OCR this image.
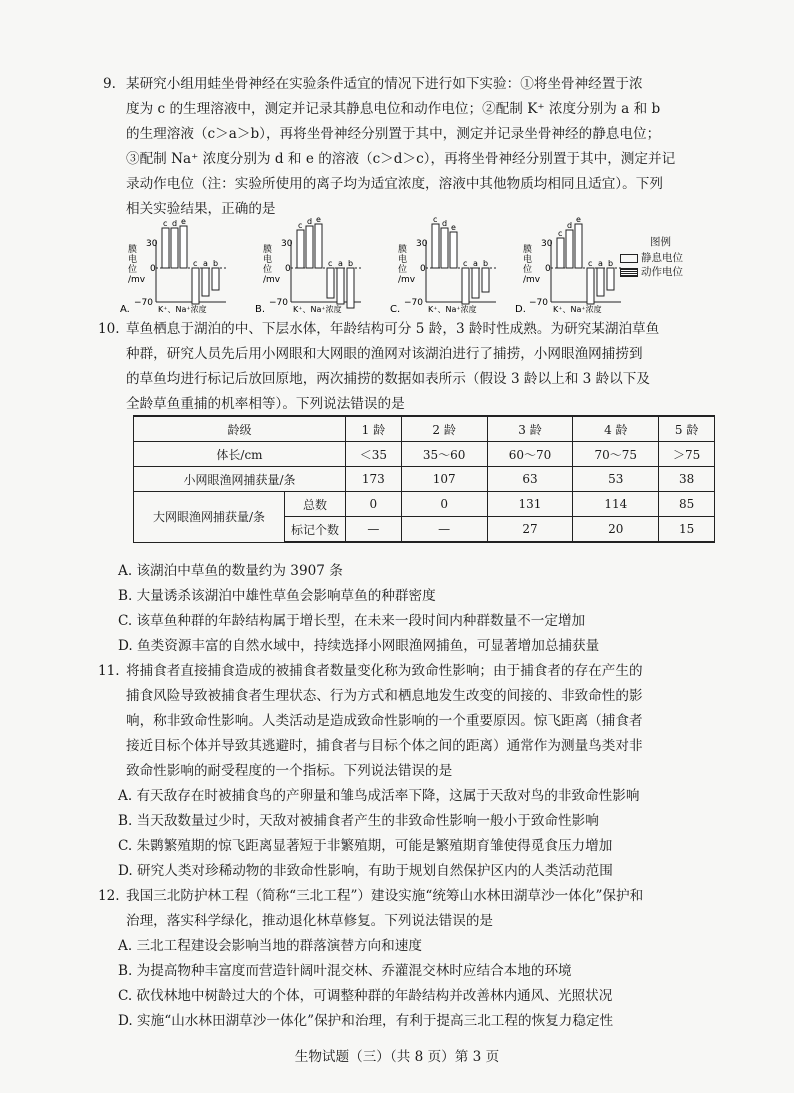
9. 某研究小组用蛙坐骨神经在实验条件适宜的情况下进行如下实验：①将坐骨神经置于浓
度为 c 的生理溶液中，测定并记录其静息电位和动作电位；②配制 K⁺ 浓度分别为 a 和 b
的生理溶液（c＞a＞b），再将坐骨神经分别置于其中，测定并记录坐骨神经的静息电位；
③配制 Na⁺ 浓度分别为 d 和 e 的溶液（c＞d＞c），再将坐骨神经分别置于其中，测定并记
录动作电位（注：实验所使用的离子均为适宜浓度，溶液中其他物质均相同且适宜）。下列
相关实验结果，正确的是
30
0
−70
膜
电
位
/mv
c d e
c a b
A.	K⁺、Na⁺浓度
30
0
−70
膜
电
位
/mv
c d e
c a b
B.	K⁺、Na⁺浓度
30
0
−70
膜
电
位
/mv
c d e
c a b
C.	K⁺、Na⁺浓度
30
0
−70
膜
电
位
/mv
c
d
e
c a b
D.	K⁺、Na⁺浓度
图例
静息电位
动作电位
10. 草鱼栖息于湖泊的中、下层水体，年龄结构可分 5 龄，3 龄时性成熟。为研究某湖泊草鱼
种群，研究人员先后用小网眼和大网眼的渔网对该湖泊进行了捕捞，小网眼渔网捕捞到
的草鱼均进行标记后放回原地，两次捕捞的数据如表所示（假设 3 龄以上和 3 龄以下及
全龄草鱼重捕的机率相等）。下列说法错误的是
龄级		1 龄	2 龄	3 龄	4 龄	5 龄
体长/cm		＜35	35～60	60～70	70～75	＞75
小网眼渔网捕获量/条		173	107	63	53	38
大网眼渔网捕获量/条	总数	0	0	131	114	85
	标记个数	—	—	27	20	15
A. 该湖泊中草鱼的数量约为 3907 条
B. 大量诱杀该湖泊中雄性草鱼会影响草鱼的种群密度
C. 该草鱼种群的年龄结构属于增长型，在未来一段时间内种群数量不一定增加
D. 鱼类资源丰富的自然水域中，持续选择小网眼渔网捕鱼，可显著增加总捕获量
11. 将捕食者直接捕食造成的被捕食者数量变化称为致命性影响；由于捕食者的存在产生的
捕食风险导致被捕食者生理状态、行为方式和栖息地发生改变的间接的、非致命性的影
响，称非致命性影响。人类活动是造成致命性影响的一个重要原因。惊飞距离（捕食者
接近目标个体并导致其逃避时，捕食者与目标个体之间的距离）通常作为测量鸟类对非
致命性影响的耐受程度的一个指标。下列说法错误的是
A. 有天敌存在时被捕食鸟的产卵量和雏鸟成活率下降，这属于天敌对鸟的非致命性影响
B. 当天敌数量过少时，天敌对被捕食者产生的非致命性影响一般小于致命性影响
C. 朱鹮繁殖期的惊飞距离显著短于非繁殖期，可能是繁殖期育雏使得觅食压力增加
D. 研究人类对珍稀动物的非致命性影响，有助于规划自然保护区内的人类活动范围
12. 我国三北防护林工程（简称“三北工程”）建设实施“统筹山水林田湖草沙一体化”保护和
治理，落实科学绿化，推动退化林草修复。下列说法错误的是
A. 三北工程建设会影响当地的群落演替方向和速度
B. 为提高物种丰富度而营造针阔叶混交林、乔灌混交林时应结合本地的环境
C. 砍伐林地中树龄过大的个体，可调整种群的年龄结构并改善林内通风、光照状况
D. 实施“山水林田湖草沙一体化”保护和治理，有利于提高三北工程的恢复力稳定性
生物试题（三）（共 8 页）第 3 页
